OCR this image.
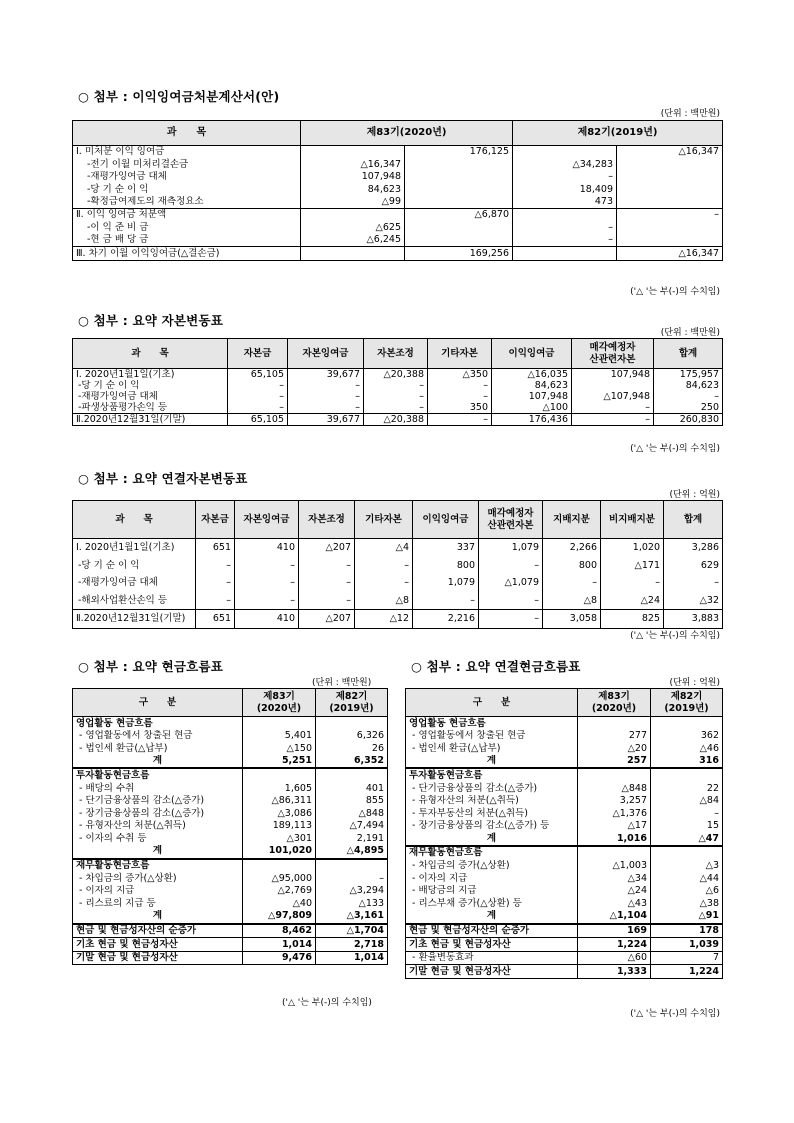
○ 첨부 : 이익잉여금처분계산서(안)
(단위 : 백만원)
과　　목	제83기(2020년)		제82기(2019년)	
Ⅰ. 미처분 이익 잉여금		176,125		△16,347
-전기 이월 미처리결손금	△16,347		△34,283	
-재평가잉여금 대체	107,948		–	
-당 기 순 이 익	84,623		18,409	
-확정급여제도의 재측정요소	△99		473	
Ⅱ. 이익 잉여금 처분액		△6,870		–
-이 익 준 비 금	△625		–	
-현 금 배 당 금	△6,245		–	
Ⅲ. 차기 이월 이익잉여금(△결손금)		169,256		△16,347
('△ '는 부(-)의 수치임)
○ 첨부 : 요약 자본변동표
(단위 : 백만원)
과　　목	자본금	자본잉여금	자본조정	기타자본	이익잉여금	매각예정자
산관련자본	합계
Ⅰ. 2020년1월1일(기초)	65,105	39,677	△20,388	△350	△16,035	107,948	175,957
-당 기 순 이 익	–	–	–	–	84,623		84,623
-재평가잉여금 대체	–	–	–	–	107,948	△107,948	–
-파생상품평가손익 등	–	–	–	350	△100	–	250
Ⅱ.2020년12월31일(기말)	65,105	39,677	△20,388	–	176,436	–	260,830
('△ '는 부(-)의 수치임)
○ 첨부 : 요약 연결자본변동표
(단위 : 억원)
과　　목	자본금	자본잉여금	자본조정	기타자본	이익잉여금	매각예정자
산관련자본	지배지분	비지배지분	합계
Ⅰ. 2020년1월1일(기초)	651	410	△207	△4	337	1,079	2,266	1,020	3,286
-당 기 순 이 익	–	–	–	–	800	–	800	△171	629
-재평가잉여금 대체	–	–	–	–	1,079	△1,079	–	–	–
-해외사업환산손익 등	–	–	–	△8	–	–	△8	△24	△32
Ⅱ.2020년12월31일(기말)	651	410	△207	△12	2,216	–	3,058	825	3,883
('△ '는 부(-)의 수치임)
○ 첨부 : 요약 현금흐름표
(단위 : 백만원)
구　　분	제83기
(2020년)	제82기
(2019년)
영업활동 현금흐름		
- 영업활동에서 창출된 현금	5,401	6,326
- 법인세 환급(△납부)	△150	26
계	5,251	6,352
투자활동현금흐름		
- 배당의 수취	1,605	401
- 단기금융상품의 감소(△증가)	△86,311	855
- 장기금융상품의 감소(△증가)	△3,086	△848
- 유형자산의 처분(△취득)	189,113	△7,494
- 이자의 수취 등	△301	2,191
계	101,020	△4,895
재무활동현금흐름		
- 차입금의 증가(△상환)	△95,000	–
- 이자의 지급	△2,769	△3,294
- 리스료의 지급 등	△40	△133
계	△97,809	△3,161
현금 및 현금성자산의 순증가	8,462	△1,704
기초 현금 및 현금성자산	1,014	2,718
기말 현금 및 현금성자산	9,476	1,014
('△ '는 부(-)의 수치임)
○ 첨부 : 요약 연결현금흐름표
(단위 : 억원)
구　　분	제83기
(2020년)	제82기
(2019년)
영업활동 현금흐름		
- 영업활동에서 창출된 현금	277	362
- 법인세 환급(△납부)	△20	△46
계	257	316
투자활동현금흐름		
- 단기금융상품의 감소(△증가)	△848	22
- 유형자산의 처분(△취득)	3,257	△84
- 투자부동산의 처분(△취득)	△1,376	–
- 장기금융상품의 감소(△증가) 등	△17	15
계	1,016	△47
재무활동현금흐름		
- 차입금의 증가(△상환)	△1,003	△3
- 이자의 지급	△34	△44
- 배당금의 지급	△24	△6
- 리스부채 증가(△상환) 등	△43	△38
계	△1,104	△91
현금 및 현금성자산의 순증가	169	178
기초 현금 및 현금성자산	1,224	1,039
- 환율변동효과	△60	7
기말 현금 및 현금성자산	1,333	1,224
('△ '는 부(-)의 수치임)
